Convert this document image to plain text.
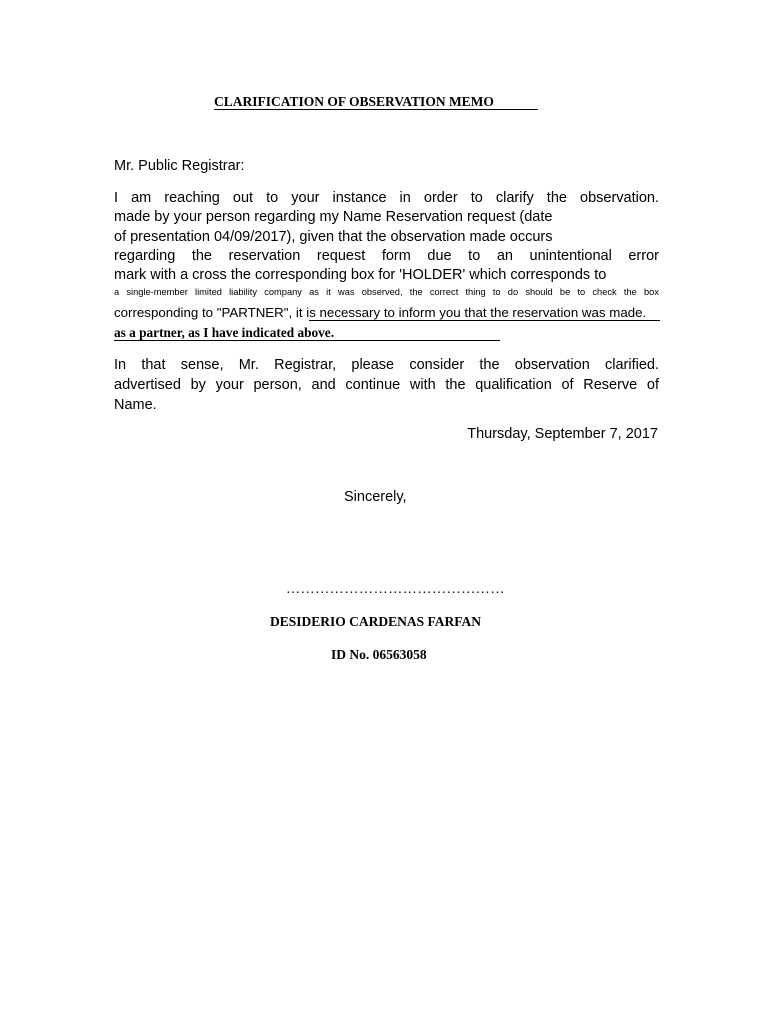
CLARIFICATION OF OBSERVATION MEMO
Mr. Public Registrar:
I am reaching out to your instance in order to clarify the observation.
made by your person regarding my Name Reservation request (date
of presentation 04/09/2017), given that the observation made occurs
regarding the reservation request form due to an unintentional error
mark with a cross the corresponding box for 'HOLDER' which corresponds to
a single-member limited liability company as it was observed, the correct thing to do should be to check the box
corresponding to "PARTNER", it is necessary to inform you that the reservation was made.
as a partner, as I have indicated above.
In that sense, Mr. Registrar, please consider the observation clarified.
advertised by your person, and continue with the qualification of Reserve of
Name.
Thursday, September 7, 2017
Sincerely,
………………………………………
DESIDERIO CARDENAS FARFAN
ID No. 06563058
